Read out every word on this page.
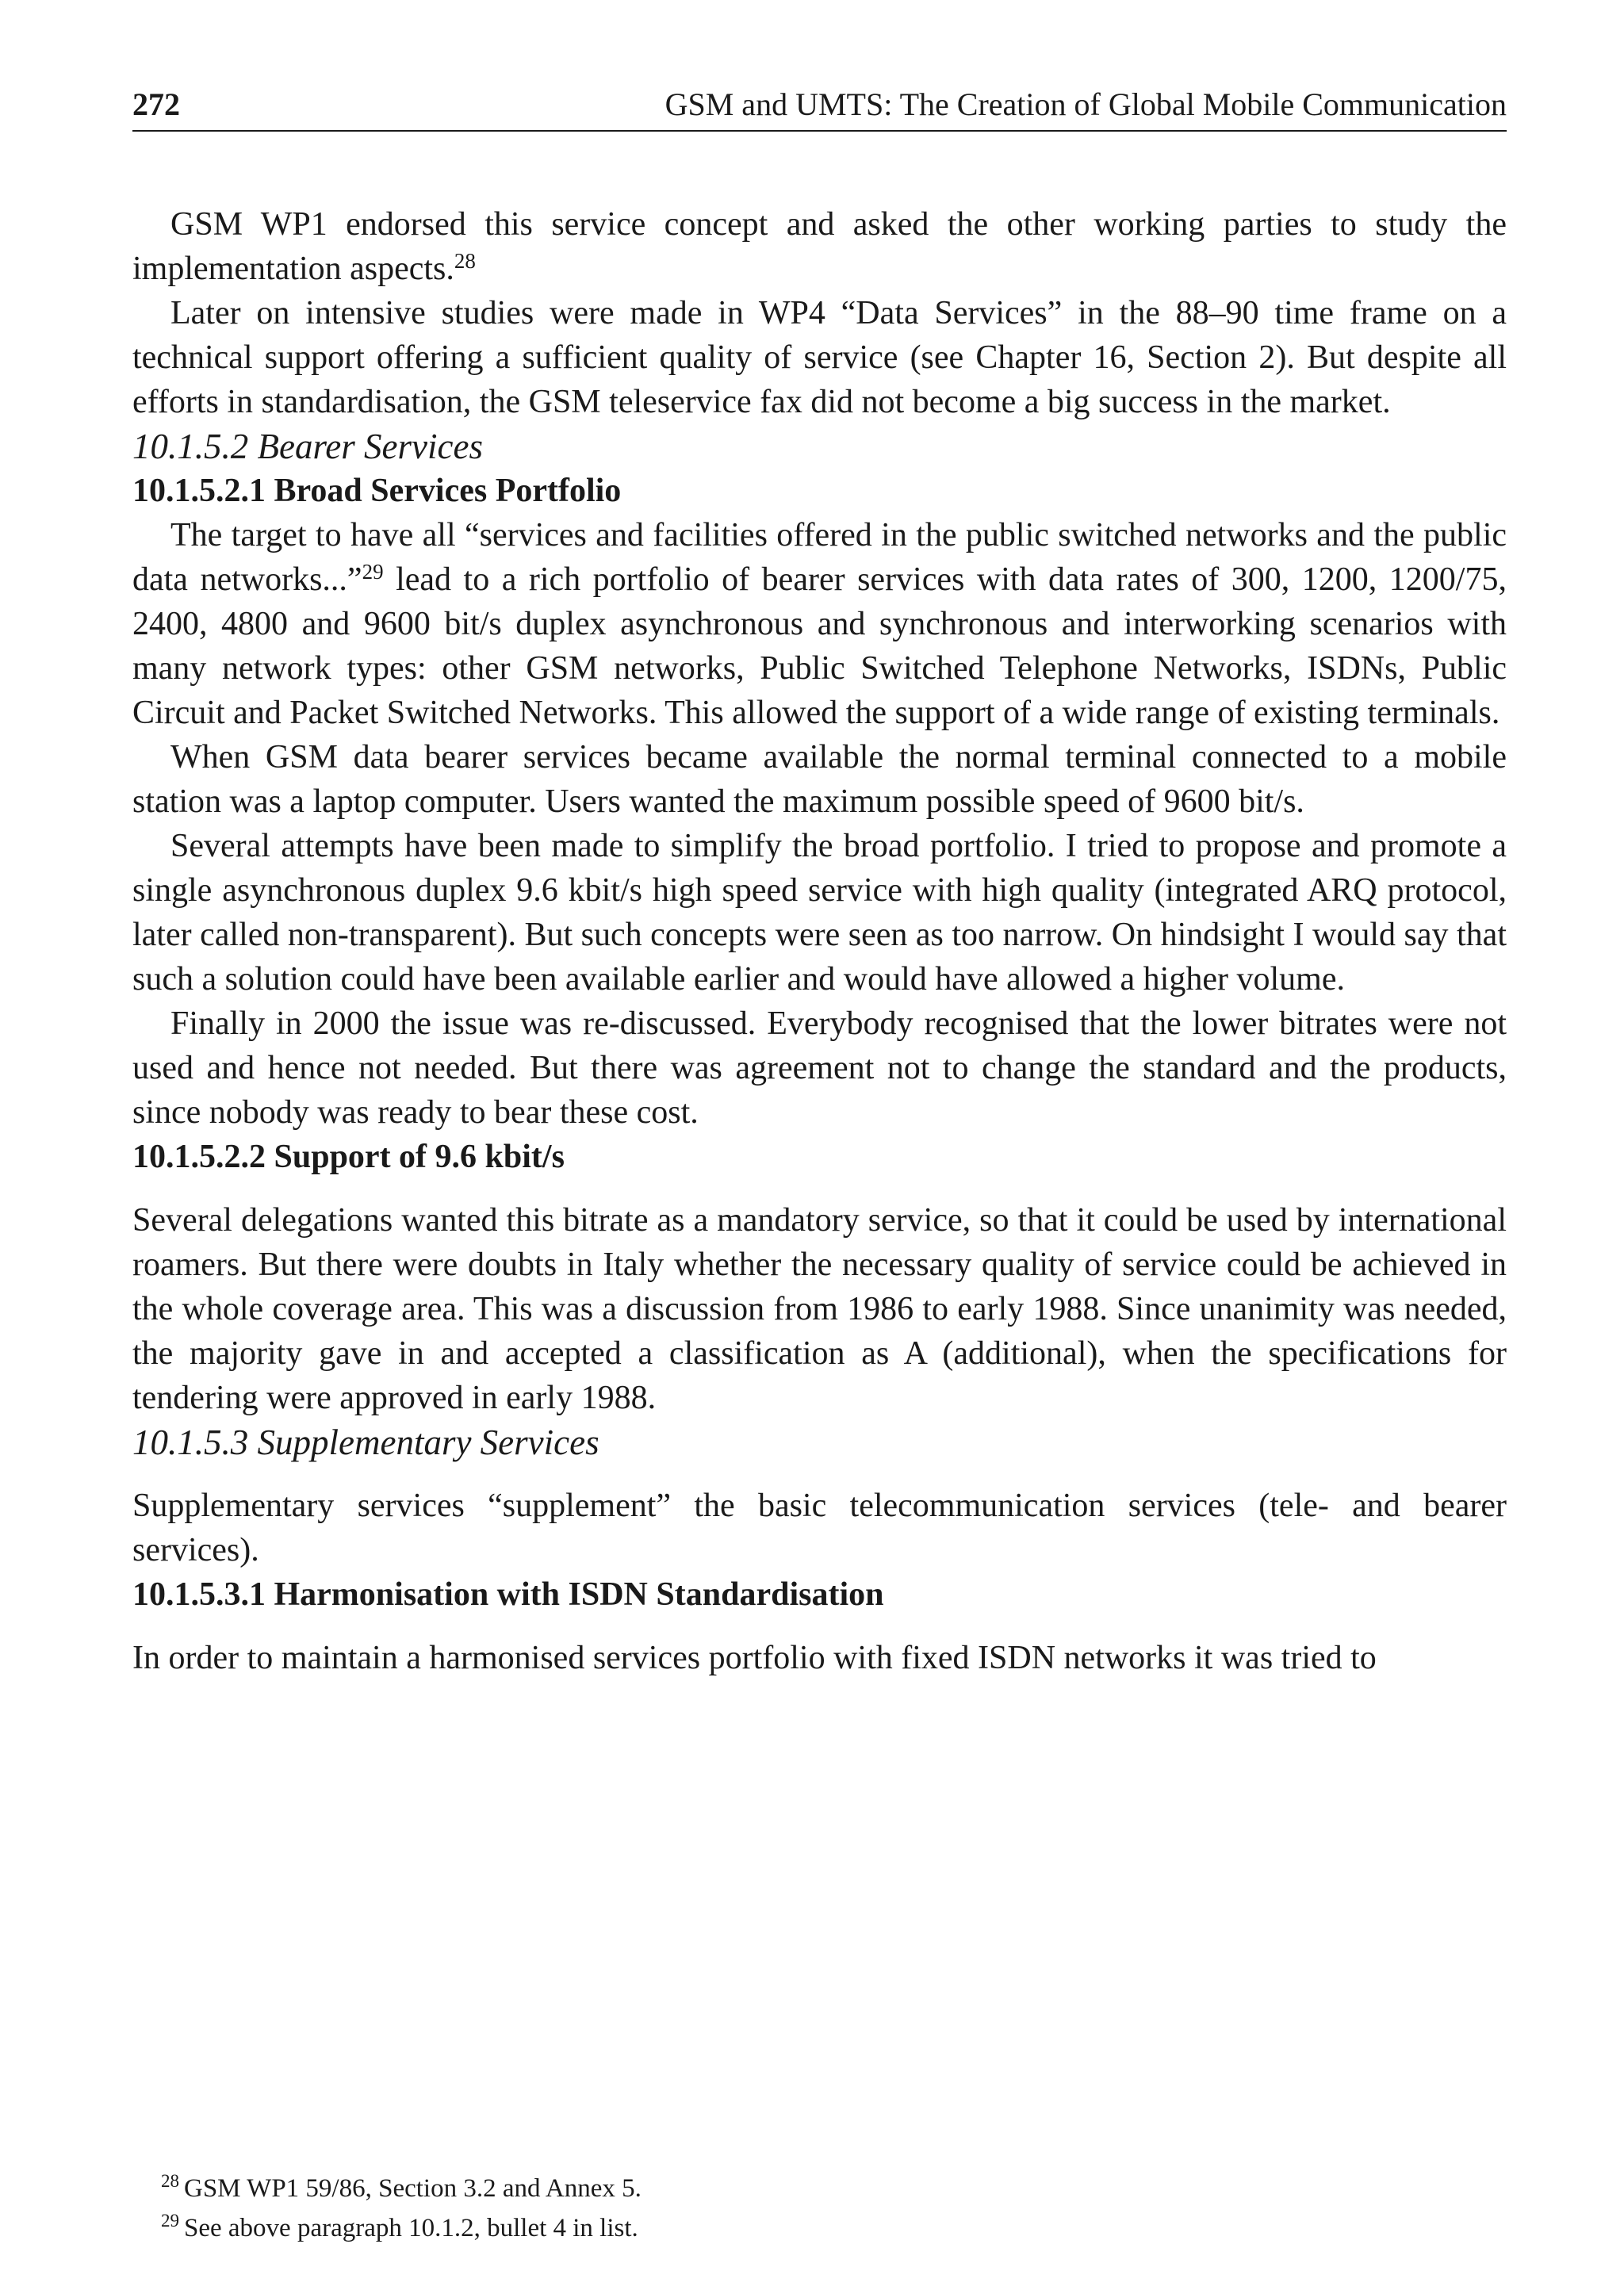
272	GSM and UMTS: The Creation of Global Mobile Communication

GSM WP1 endorsed this service concept and asked the other working parties to study the implementation aspects.$^{28}$

Later on intensive studies were made in WP4 “Data Services” in the 88–90 time frame on a technical support offering a sufficient quality of service (see Chapter 16, Section 2). But despite all efforts in standardisation, the GSM teleservice fax did not become a big success in the market.

10.1.5.2 Bearer Services
10.1.5.2.1 Broad Services Portfolio

The target to have all “services and facilities offered in the public switched networks and the public data networks...”$^{29}$ lead to a rich portfolio of bearer services with data rates of 300, 1200, 1200/75, 2400, 4800 and 9600 bit/s duplex asynchronous and synchronous and interworking scenarios with many network types: other GSM networks, Public Switched Telephone Networks, ISDNs, Public Circuit and Packet Switched Networks. This allowed the support of a wide range of existing terminals.

When GSM data bearer services became available the normal terminal connected to a mobile station was a laptop computer. Users wanted the maximum possible speed of 9600 bit/s.

Several attempts have been made to simplify the broad portfolio. I tried to propose and promote a single asynchronous duplex 9.6 kbit/s high speed service with high quality (integrated ARQ protocol, later called non-transparent). But such concepts were seen as too narrow. On hindsight I would say that such a solution could have been available earlier and would have allowed a higher volume.

Finally in 2000 the issue was re-discussed. Everybody recognised that the lower bitrates were not used and hence not needed. But there was agreement not to change the standard and the products, since nobody was ready to bear these cost.

10.1.5.2.2 Support of 9.6 kbit/s

Several delegations wanted this bitrate as a mandatory service, so that it could be used by international roamers. But there were doubts in Italy whether the necessary quality of service could be achieved in the whole coverage area. This was a discussion from 1986 to early 1988. Since unanimity was needed, the majority gave in and accepted a classification as A (additional), when the specifications for tendering were approved in early 1988.

10.1.5.3 Supplementary Services

Supplementary services “supplement” the basic telecommunication services (tele- and bearer services).

10.1.5.3.1 Harmonisation with ISDN Standardisation

In order to maintain a harmonised services portfolio with fixed ISDN networks it was tried to

$^{28}$ GSM WP1 59/86, Section 3.2 and Annex 5.
$^{29}$ See above paragraph 10.1.2, bullet 4 in list.
